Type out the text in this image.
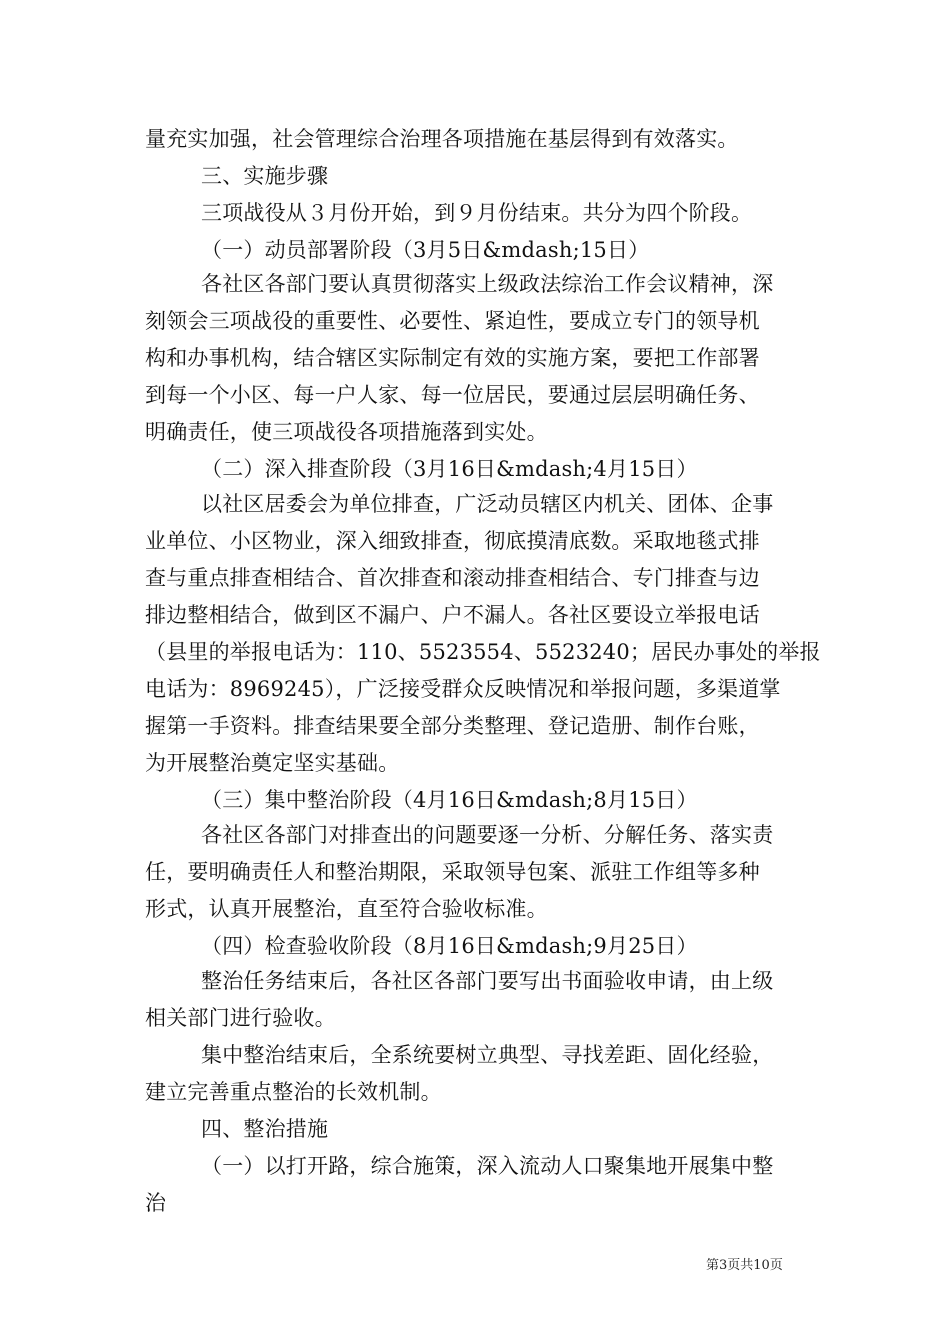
量充实加强，社会管理综合治理各项措施在基层得到有效落实。
三、实施步骤
三项战役从３月份开始，到９月份结束。共分为四个阶段。
（一）动员部署阶段（3月5日&mdash;15日）
各社区各部门要认真贯彻落实上级政法综治工作会议精神，深
刻领会三项战役的重要性、必要性、紧迫性，要成立专门的领导机
构和办事机构，结合辖区实际制定有效的实施方案，要把工作部署
到每一个小区、每一户人家、每一位居民，要通过层层明确任务、
明确责任，使三项战役各项措施落到实处。
（二）深入排查阶段（3月16日&mdash;4月15日）
以社区居委会为单位排查，广泛动员辖区内机关、团体、企事
业单位、小区物业，深入细致排查，彻底摸清底数。采取地毯式排
查与重点排查相结合、首次排查和滚动排查相结合、专门排查与边
排边整相结合，做到区不漏户、户不漏人。各社区要设立举报电话
（县里的举报电话为：110、5523554、5523240；居民办事处的举报
电话为：8969245），广泛接受群众反映情况和举报问题，多渠道掌
握第一手资料。排查结果要全部分类整理、登记造册、制作台账，
为开展整治奠定坚实基础。
（三）集中整治阶段（4月16日&mdash;8月15日）
各社区各部门对排查出的问题要逐一分析、分解任务、落实责
任，要明确责任人和整治期限，采取领导包案、派驻工作组等多种
形式，认真开展整治，直至符合验收标准。
（四）检查验收阶段（8月16日&mdash;9月25日）
整治任务结束后，各社区各部门要写出书面验收申请，由上级
相关部门进行验收。
集中整治结束后，全系统要树立典型、寻找差距、固化经验，
建立完善重点整治的长效机制。
四、整治措施
（一）以打开路，综合施策，深入流动人口聚集地开展集中整
治
第3页共10页
